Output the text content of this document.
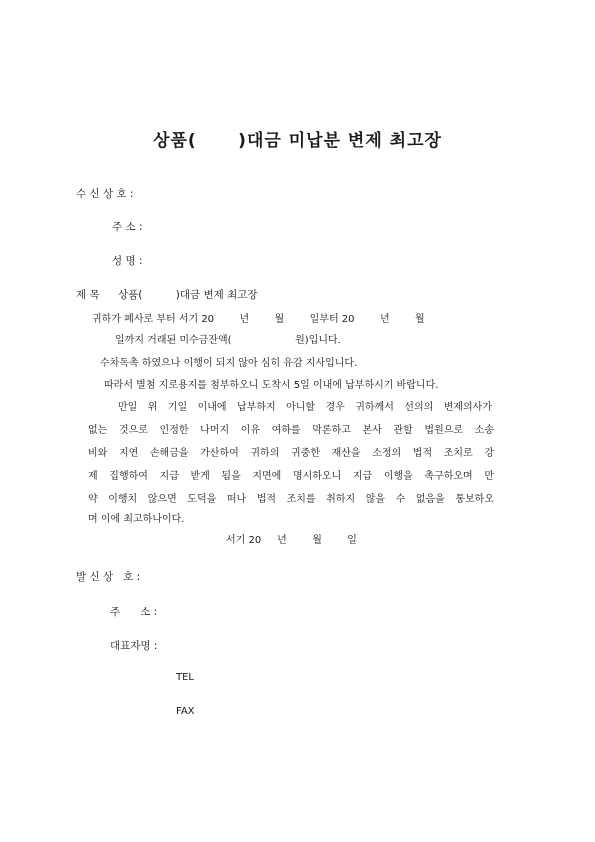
상품(      )대금 미납분 변제 최고장
수 신 상 호 :
주 소 :
성 명 :
제 목 상품(          )대금 변제 최고장
귀하가 폐사로 부터 서기 20        년        월        일부터 20        년        월
일까지 거래된 미수금잔액(                    원)입니다.
수차독촉 하였으나 이행이 되지 않아 심히 유감 지사입니다.
따라서 별첨 지로용지를 첨부하오니 도착시 5일 이내에 납부하시기 바랍니다.
만일 위 기일 이내에 납부하지 아니할 경우 귀하께서 선의의 변제의사가
없는 것으로 인정한 나머지 이유 여하를 막론하고 본사 관할 법원으로 소송
비와 지연 손해금을 가산하여 귀하의 귀중한 재산을 소정의 법적 조치로 강
제 집행하여 지급 받게 됨을 지면에 명시하오니 지급 이행을 촉구하오며 만
약 이행치 않으면 도덕을 떠나 법적 조치를 취하지 않을 수 없음을 통보하오
며 이에 최고하나이다.
서기 20     년        월        일
발 신 상   호 :
주      소 :
대표자명 :
TEL
FAX
